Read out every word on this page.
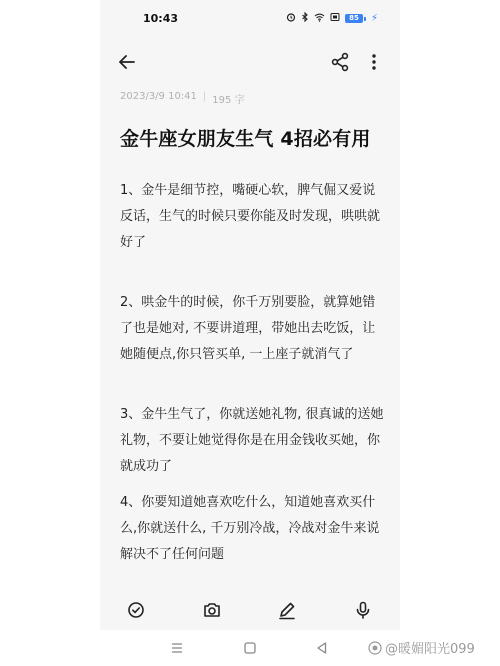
10:43	85	⚡
2023/3/9 10:41 | 195 字
金牛座女朋友生气 4招必有用

1、金牛是细节控，嘴硬心软，脾气倔又爱说反话，生气的时候只要你能及时发现，哄哄就好了

2、哄金牛的时候，你千万别要脸，就算她错了也是她对, 不要讲道理，带她出去吃饭，让她随便点,你只管买单, 一上座子就消气了

3、金牛生气了，你就送她礼物, 很真诚的送她礼物，不要让她觉得你是在用金钱收买她，你就成功了

4、你要知道她喜欢吃什么，知道她喜欢买什么,你就送什么, 千万别冷战，冷战对金牛来说解决不了任何问题

@暖媚阳光099
